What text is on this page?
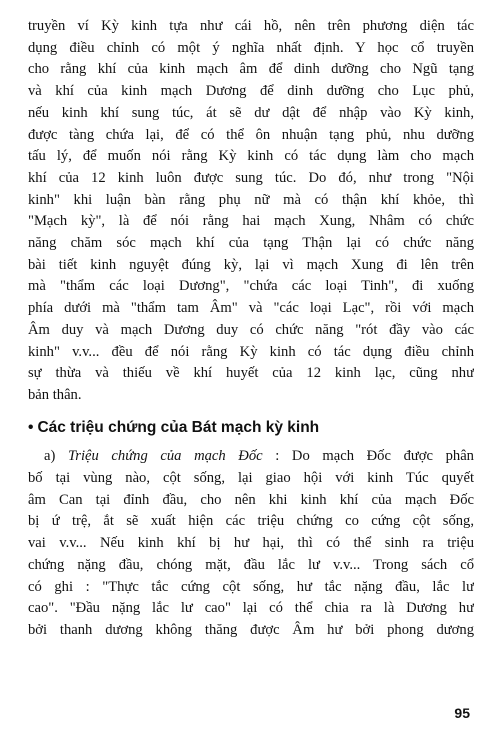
truyền ví Kỳ kinh tựa như cái hồ, nên trên phương diện tác
dụng điều chỉnh có một ý nghĩa nhất định. Y học cổ truyền
cho rằng khí của kinh mạch âm để dinh dưỡng cho Ngũ tạng
và khí của kinh mạch Dương để dinh dưỡng cho Lục phủ,
nếu kinh khí sung túc, át sẽ dư dật để nhập vào Kỳ kinh,
được tàng chứa lại, để có thể ôn nhuận tạng phủ, nhu dưỡng
tấu lý, để muốn nói rằng Kỳ kinh có tác dụng làm cho mạch
khí của 12 kinh luôn được sung túc. Do đó, như trong "Nội
kinh" khi luận bàn rằng phụ nữ mà có thận khí khỏe, thì
"Mạch kỳ", là để nói rằng hai mạch Xung, Nhâm có chức
năng chăm sóc mạch khí của tạng Thận lại có chức năng
bài tiết kinh nguyệt đúng kỳ, lại vì mạch Xung đi lên trên
mà "thẩm các loại Dương", "chứa các loại Tinh", đi xuống
phía dưới mà "thẩm tam Âm" và "các loại Lạc", rồi với mạch
Âm duy và mạch Dương duy có chức năng "rót đầy vào các
kinh" v.v... đều để nói rằng Kỳ kinh có tác dụng điều chỉnh
sự thừa và thiếu về khí huyết của 12 kinh lạc, cũng như
bản thân.
• Các triệu chứng của Bát mạch kỳ kinh
a) Triệu chứng của mạch Đốc : Do mạch Đốc được phân
bố tại vùng nào, cột sống, lại giao hội với kinh Túc quyết
âm Can tại đỉnh đầu, cho nên khi kinh khí của mạch Đốc
bị ứ trệ, ắt sẽ xuất hiện các triệu chứng co cứng cột sống,
vai v.v... Nếu kinh khí bị hư hại, thì có thể sinh ra triệu
chứng nặng đầu, chóng mặt, đầu lắc lư v.v... Trong sách cổ
có ghi : "Thực tắc cứng cột sống, hư tắc nặng đầu, lắc lư
cao". "Đầu nặng lắc lư cao" lại có thể chia ra là Dương hư
bởi thanh dương không thăng được Âm hư bởi phong dương
95
